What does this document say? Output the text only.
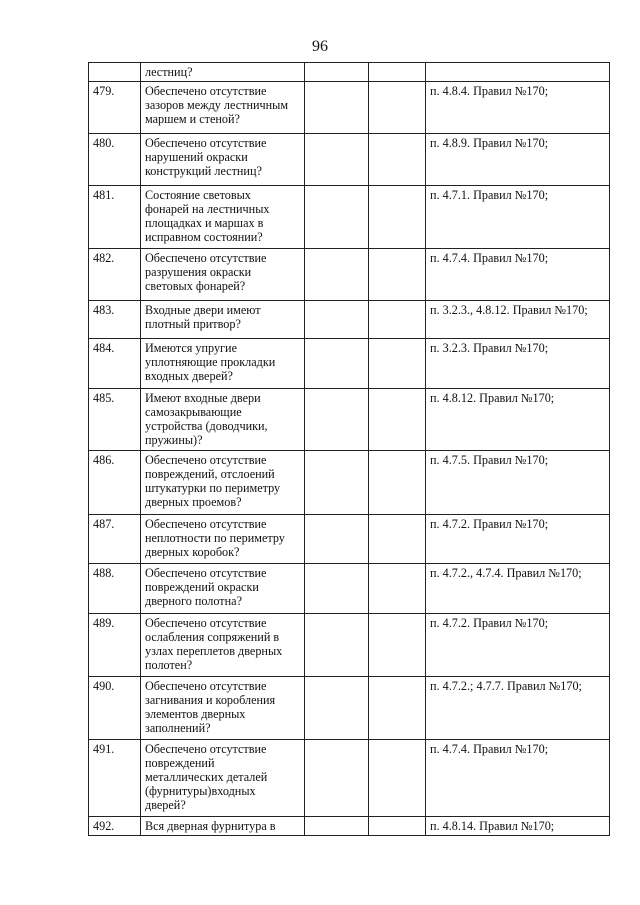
96
	лестниц?			
479.	Обеспечено отсутствие
зазоров между лестничным
маршем и стеной?			п. 4.8.4. Правил №170;
480.	Обеспечено отсутствие
нарушений окраски
конструкций лестниц?			п. 4.8.9. Правил №170;
481.	Состояние световых
фонарей на лестничных
площадках и маршах в
исправном состоянии?			п. 4.7.1. Правил №170;
482.	Обеспечено отсутствие
разрушения окраски
световых фонарей?			п. 4.7.4. Правил №170;
483.	Входные двери имеют
плотный притвор?			п. 3.2.3., 4.8.12. Правил №170;
484.	Имеются упругие
уплотняющие прокладки
входных дверей?			п. 3.2.3. Правил №170;
485.	Имеют входные двери
самозакрывающие
устройства (доводчики,
пружины)?			п. 4.8.12. Правил №170;
486.	Обеспечено отсутствие
повреждений, отслоений
штукатурки по периметру
дверных проемов?			п. 4.7.5. Правил №170;
487.	Обеспечено отсутствие
неплотности по периметру
дверных коробок?			п. 4.7.2. Правил №170;
488.	Обеспечено отсутствие
повреждений окраски
дверного полотна?			п. 4.7.2., 4.7.4. Правил №170;
489.	Обеспечено отсутствие
ослабления сопряжений в
узлах переплетов дверных
полотен?			п. 4.7.2. Правил №170;
490.	Обеспечено отсутствие
загнивания и коробления
элементов дверных
заполнений?			п. 4.7.2.; 4.7.7. Правил №170;
491.	Обеспечено отсутствие
повреждений
металлических деталей
(фурнитуры)входных
дверей?			п. 4.7.4. Правил №170;
492.	Вся дверная фурнитура в			п. 4.8.14. Правил №170;
